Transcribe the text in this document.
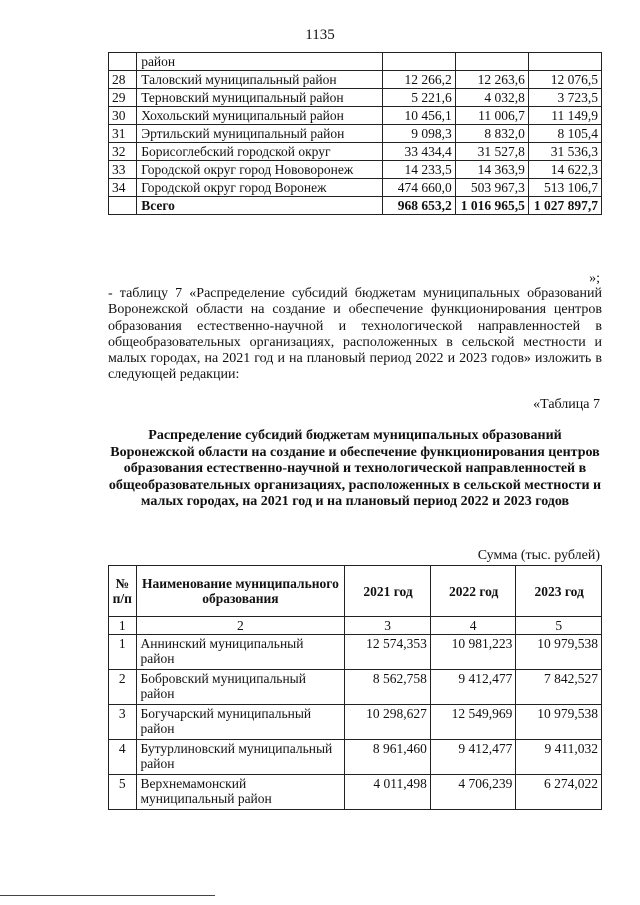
1135
	район			
28	Таловский муниципальный район	12 266,2	12 263,6	12 076,5
29	Терновский муниципальный район	5 221,6	4 032,8	3 723,5
30	Хохольский муниципальный район	10 456,1	11 006,7	11 149,9
31	Эртильский муниципальный район	9 098,3	8 832,0	8 105,4
32	Борисоглебский городской округ	33 434,4	31 527,8	31 536,3
33	Городской округ город Нововоронеж	14 233,5	14 363,9	14 622,3
34	Городской округ город Воронеж	474 660,0	503 967,3	513 106,7
	Всего	968 653,2	1 016 965,5	1 027 897,7
»;
- таблицу 7 «Распределение субсидий бюджетам муниципальных образований Воронежской области на создание и обеспечение функционирования центров образования естественно-научной и технологической направленностей в общеобразовательных организациях, расположенных в сельской местности и малых городах, на 2021 год и на плановый период 2022 и 2023 годов» изложить в следующей редакции:
«Таблица 7
Распределение субсидий бюджетам муниципальных образований Воронежской области на создание и обеспечение функционирования центров образования естественно-научной и технологической направленностей в общеобразовательных организациях, расположенных в сельской местности и малых городах, на 2021 год и на плановый период 2022 и 2023 годов
Сумма (тыс. рублей)
№ п/п	Наименование муниципального образования	2021 год	2022 год	2023 год
1	2	3	4	5
1	Аннинский муниципальный район	12 574,353	10 981,223	10 979,538
2	Бобровский муниципальный район	8 562,758	9 412,477	7 842,527
3	Богучарский муниципальный район	10 298,627	12 549,969	10 979,538
4	Бутурлиновский муниципальный район	8 961,460	9 412,477	9 411,032
5	Верхнемамонский муниципальный район	4 011,498	4 706,239	6 274,022
